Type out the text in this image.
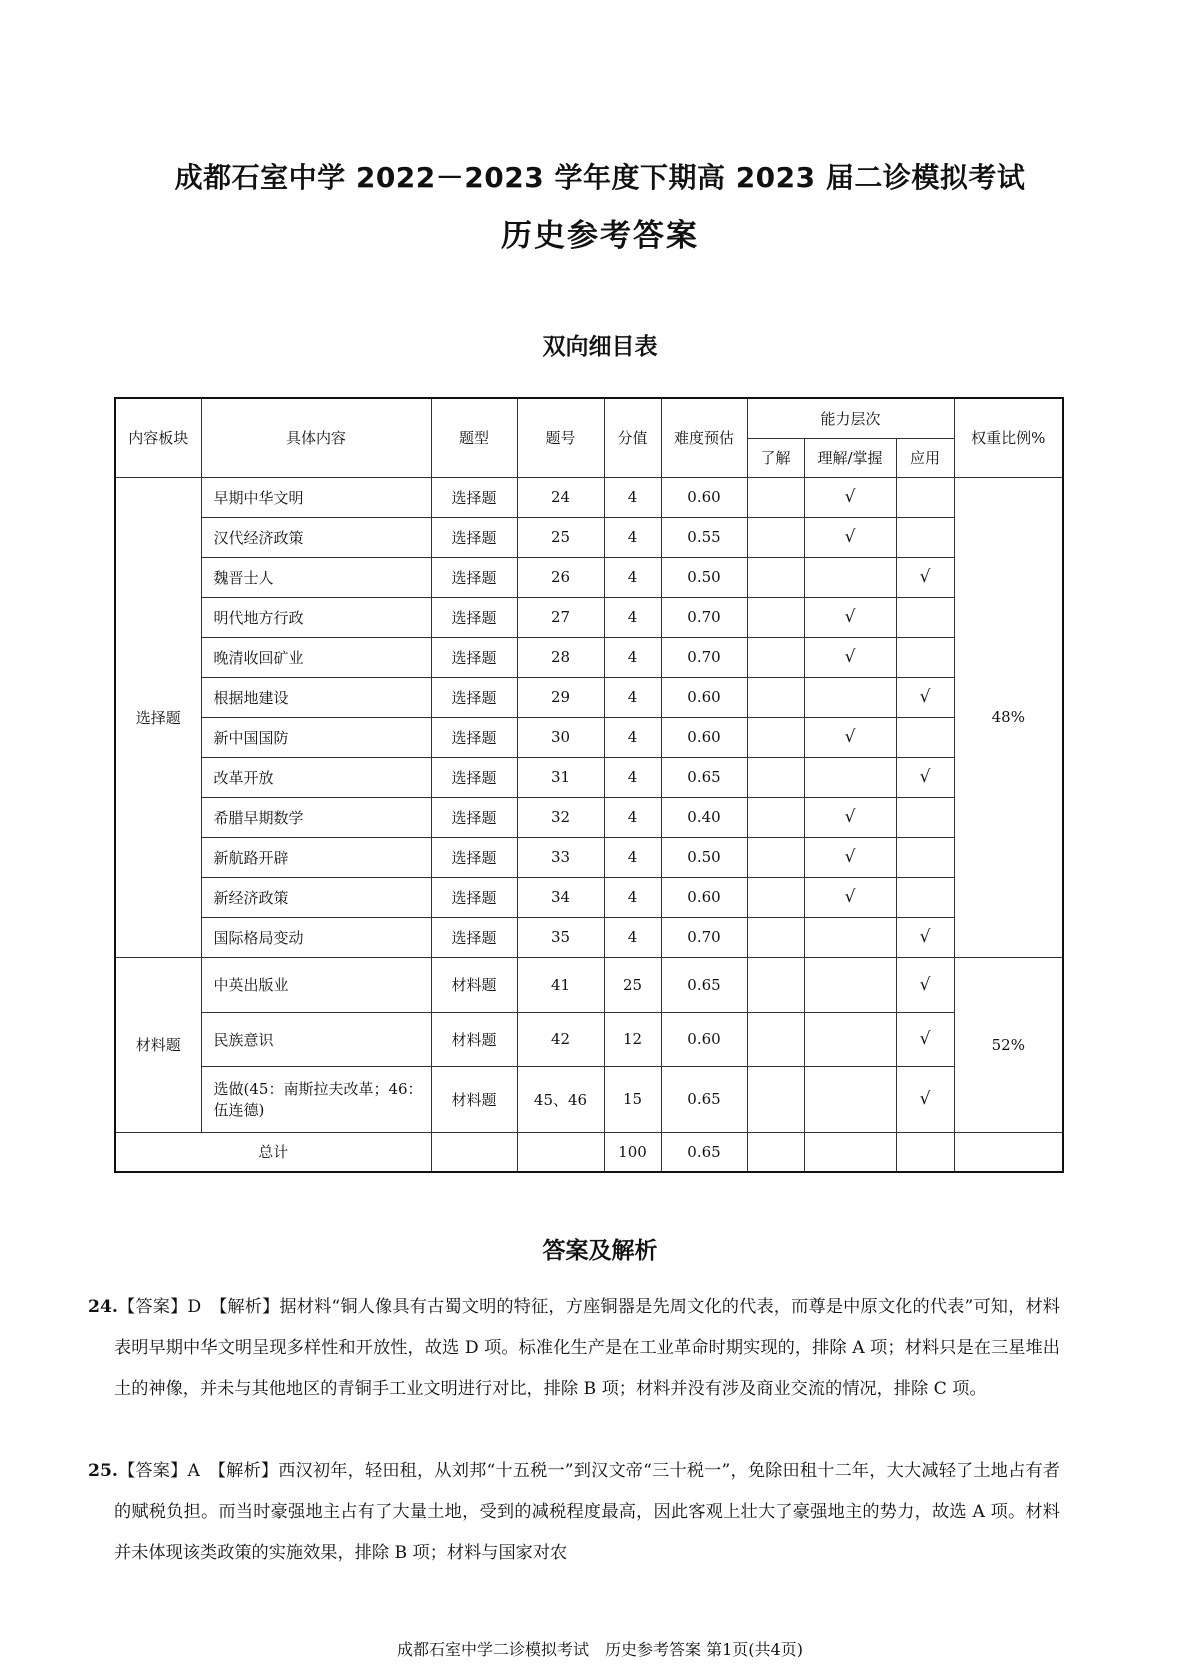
成都石室中学 2022－2023 学年度下期高 2023 届二诊模拟考试
历史参考答案
双向细目表
内容板块	具体内容	题型	题号	分值	难度预估	能力层次			权重比例%
						了解	理解/掌握	应用	
选择题	早期中华文明	选择题	24	4	0.60		√		48%
	汉代经济政策	选择题	25	4	0.55		√		
	魏晋士人	选择题	26	4	0.50			√	
	明代地方行政	选择题	27	4	0.70		√		
	晚清收回矿业	选择题	28	4	0.70		√		
	根据地建设	选择题	29	4	0.60			√	
	新中国国防	选择题	30	4	0.60		√		
	改革开放	选择题	31	4	0.65			√	
	希腊早期数学	选择题	32	4	0.40		√		
	新航路开辟	选择题	33	4	0.50		√		
	新经济政策	选择题	34	4	0.60		√		
	国际格局变动	选择题	35	4	0.70			√	
材料题	中英出版业	材料题	41	25	0.65			√	52%
	民族意识	材料题	42	12	0.60			√	
	选做(45：南斯拉夫改革；46：伍连德)	材料题	45、46	15	0.65			√	
总计				100	0.65				
答案及解析
24.【答案】D　【解析】据材料“铜人像具有古蜀文明的特征，方座铜器是先周文化的代表，而尊是中原文化的代表”可知，材料表明早期中华文明呈现多样性和开放性，故选 D 项。标准化生产是在工业革命时期实现的，排除 A 项；材料只是在三星堆出土的神像，并未与其他地区的青铜手工业文明进行对比，排除 B 项；材料并没有涉及商业交流的情况，排除 C 项。
25.【答案】A　【解析】西汉初年，轻田租，从刘邦“十五税一”到汉文帝“三十税一”，免除田租十二年，大大减轻了土地占有者的赋税负担。而当时豪强地主占有了大量土地，受到的减税程度最高，因此客观上壮大了豪强地主的势力，故选 A 项。材料并未体现该类政策的实施效果，排除 B 项；材料与国家对农
成都石室中学二诊模拟考试　历史参考答案 第1页(共4页)
